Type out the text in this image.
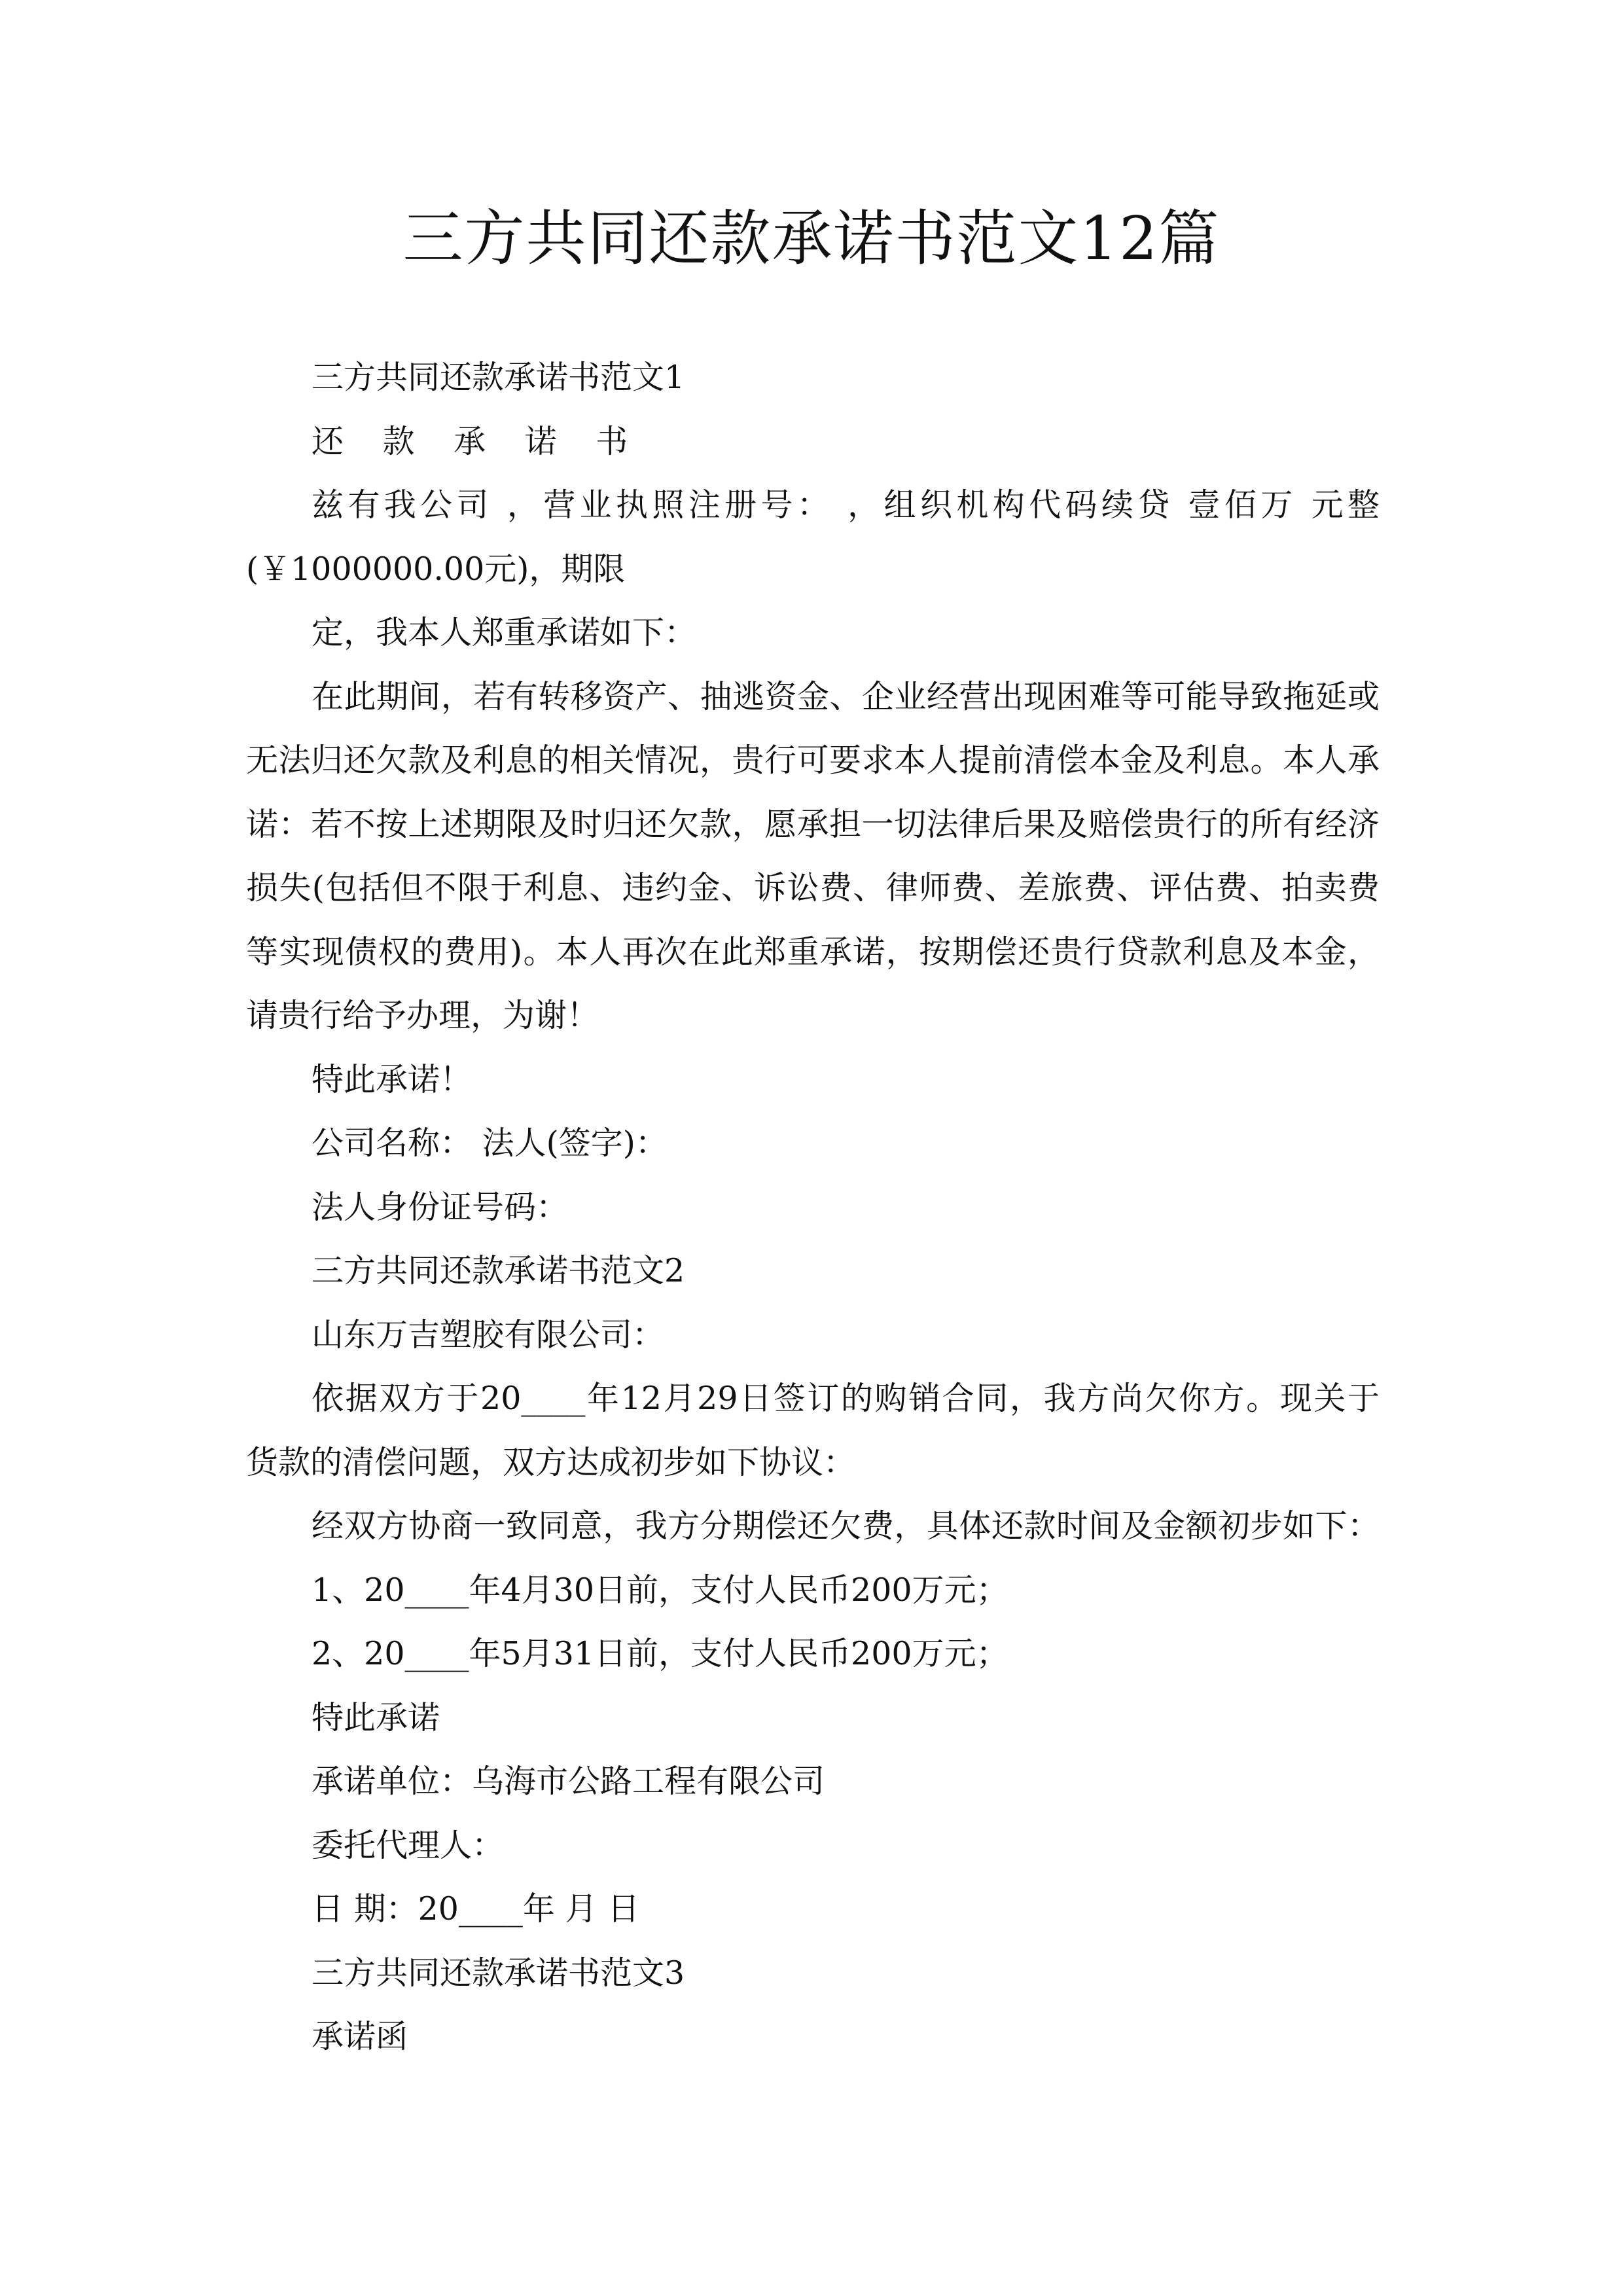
三方共同还款承诺书范文12篇
三方共同还款承诺书范文1
还 款 承 诺 书
兹有我公司 ，营业执照注册号： ，组织机构代码续贷 壹佰万 元整
(￥1000000.00元)，期限
定，我本人郑重承诺如下：
在此期间，若有转移资产、抽逃资金、企业经营出现困难等可能导致拖延或
无法归还欠款及利息的相关情况，贵行可要求本人提前清偿本金及利息。本人承
诺：若不按上述期限及时归还欠款，愿承担一切法律后果及赔偿贵行的所有经济
损失(包括但不限于利息、违约金、诉讼费、律师费、差旅费、评估费、拍卖费
等实现债权的费用)。本人再次在此郑重承诺，按期偿还贵行贷款利息及本金，
请贵行给予办理，为谢！
特此承诺！
公司名称： 法人(签字)：
法人身份证号码：
三方共同还款承诺书范文2
山东万吉塑胶有限公司：
依据双方于20____年12月29日签订的购销合同，我方尚欠你方。现关于
货款的清偿问题，双方达成初步如下协议：
经双方协商一致同意，我方分期偿还欠费，具体还款时间及金额初步如下：
1、20____年4月30日前，支付人民币200万元；
2、20____年5月31日前，支付人民币200万元；
特此承诺
承诺单位：乌海市公路工程有限公司
委托代理人：
日 期：20____年 月 日
三方共同还款承诺书范文3
承诺函
